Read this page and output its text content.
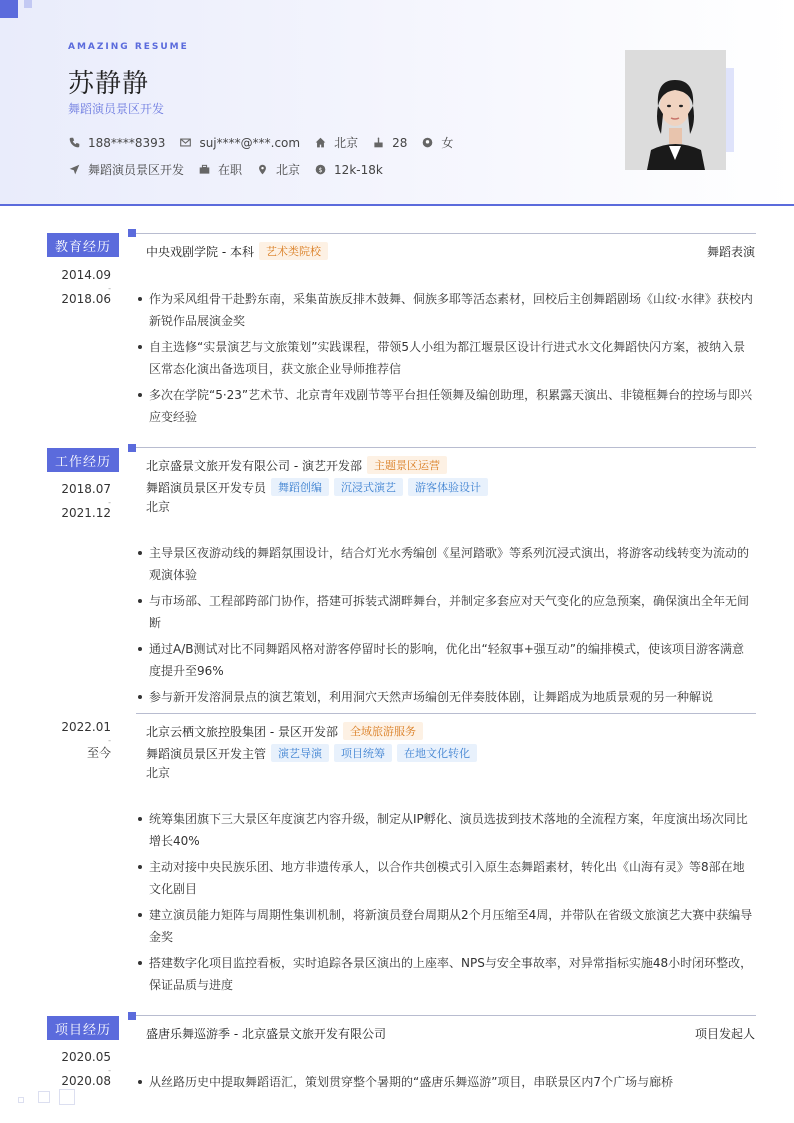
AMAZING RESUME
苏静静
舞蹈演员景区开发
188****8393	suj****@***.com	北京	28	女
舞蹈演员景区开发	在职	北京 $ 12k-18k
教育经历
2014.09
-
2018.06
中央戏剧学院 - 本科	艺术类院校	舞蹈表演
作为采风组骨干赴黔东南，采集苗族反排木鼓舞、侗族多耶等活态素材，回校后主创舞蹈剧场《山纹·水律》获校内新锐作品展演金奖
自主选修“实景演艺与文旅策划”实践课程，带领5人小组为都江堰景区设计行进式水文化舞蹈快闪方案，被纳入景区常态化演出备选项目，获文旅企业导师推荐信
多次在学院“5·23”艺术节、北京青年戏剧节等平台担任领舞及编创助理，积累露天演出、非镜框舞台的控场与即兴应变经验
工作经历
2018.07
-
2021.12
北京盛景文旅开发有限公司 - 演艺开发部	主题景区运营
舞蹈演员景区开发专员	舞蹈创编	沉浸式演艺	游客体验设计
北京
主导景区夜游动线的舞蹈氛围设计，结合灯光水秀编创《星河踏歌》等系列沉浸式演出，将游客动线转变为流动的观演体验
与市场部、工程部跨部门协作，搭建可拆装式湖畔舞台，并制定多套应对天气变化的应急预案，确保演出全年无间断
通过A/B测试对比不同舞蹈风格对游客停留时长的影响，优化出“轻叙事+强互动”的编排模式，使该项目游客满意度提升至96%
参与新开发溶洞景点的演艺策划，利用洞穴天然声场编创无伴奏肢体剧，让舞蹈成为地质景观的另一种解说
2022.01
-
至今
北京云栖文旅控股集团 - 景区开发部	全域旅游服务
舞蹈演员景区开发主管	演艺导演	项目统筹	在地文化转化
北京
统筹集团旗下三大景区年度演艺内容升级，制定从IP孵化、演员选拔到技术落地的全流程方案，年度演出场次同比增长40%
主动对接中央民族乐团、地方非遗传承人，以合作共创模式引入原生态舞蹈素材，转化出《山海有灵》等8部在地文化剧目
建立演员能力矩阵与周期性集训机制，将新演员登台周期从2个月压缩至4周，并带队在省级文旅演艺大赛中获编导金奖
搭建数字化项目监控看板，实时追踪各景区演出的上座率、NPS与安全事故率，对异常指标实施48小时闭环整改，保证品质与进度
项目经历
2020.05
-
2020.08
盛唐乐舞巡游季 - 北京盛景文旅开发有限公司	项目发起人
从丝路历史中提取舞蹈语汇，策划贯穿整个暑期的“盛唐乐舞巡游”项目，串联景区内7个广场与廊桥
